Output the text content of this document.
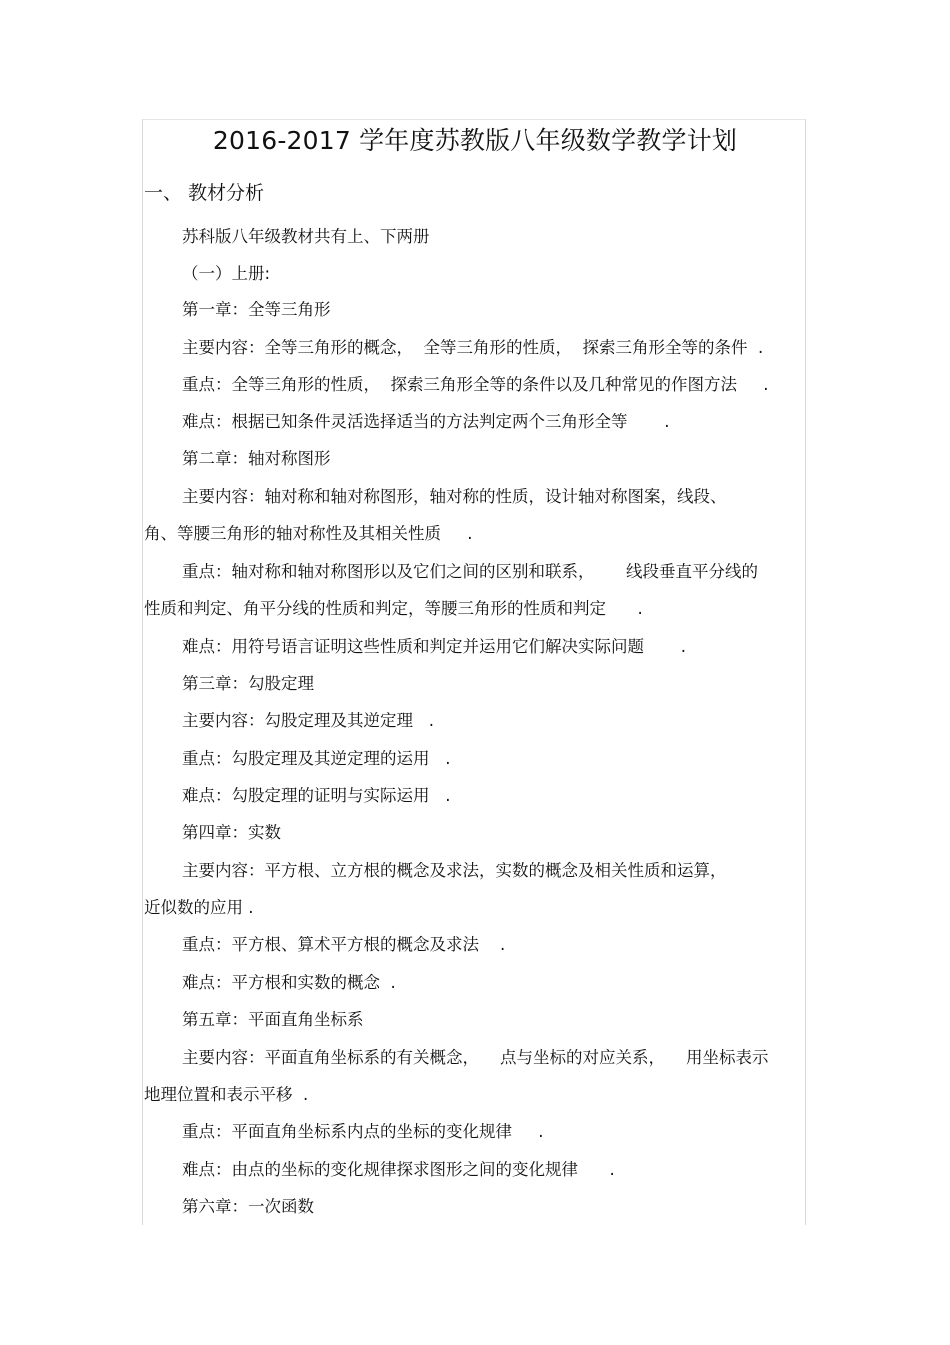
2016-2017 学年度苏教版八年级数学教学计划
一、 教材分析
苏科版八年级教材共有上、下两册
（一）上册:
第一章：全等三角形
主要内容：全等三角形的概念，  全等三角形的性质，  探索三角形全等的条件  .
重点：全等三角形的性质，  探索三角形全等的条件以及几种常见的作图方法     .
难点：根据已知条件灵活选择适当的方法判定两个三角形全等       .
第二章：轴对称图形
主要内容：轴对称和轴对称图形，轴对称的性质，设计轴对称图案，线段、
角、等腰三角形的轴对称性及其相关性质     .
重点：轴对称和轴对称图形以及它们之间的区别和联系，      线段垂直平分线的
性质和判定、角平分线的性质和判定，等腰三角形的性质和判定      .
难点：用符号语言证明这些性质和判定并运用它们解决实际问题       .
第三章：勾股定理
主要内容：勾股定理及其逆定理   .
重点：勾股定理及其逆定理的运用   .
难点：勾股定理的证明与实际运用   .
第四章：实数
主要内容：平方根、立方根的概念及求法，实数的概念及相关性质和运算，
近似数的应用 .
重点：平方根、算术平方根的概念及求法    .
难点：平方根和实数的概念  .
第五章：平面直角坐标系
主要内容：平面直角坐标系的有关概念，    点与坐标的对应关系，    用坐标表示
地理位置和表示平移  .
重点：平面直角坐标系内点的坐标的变化规律     .
难点：由点的坐标的变化规律探求图形之间的变化规律      .
第六章：一次函数
